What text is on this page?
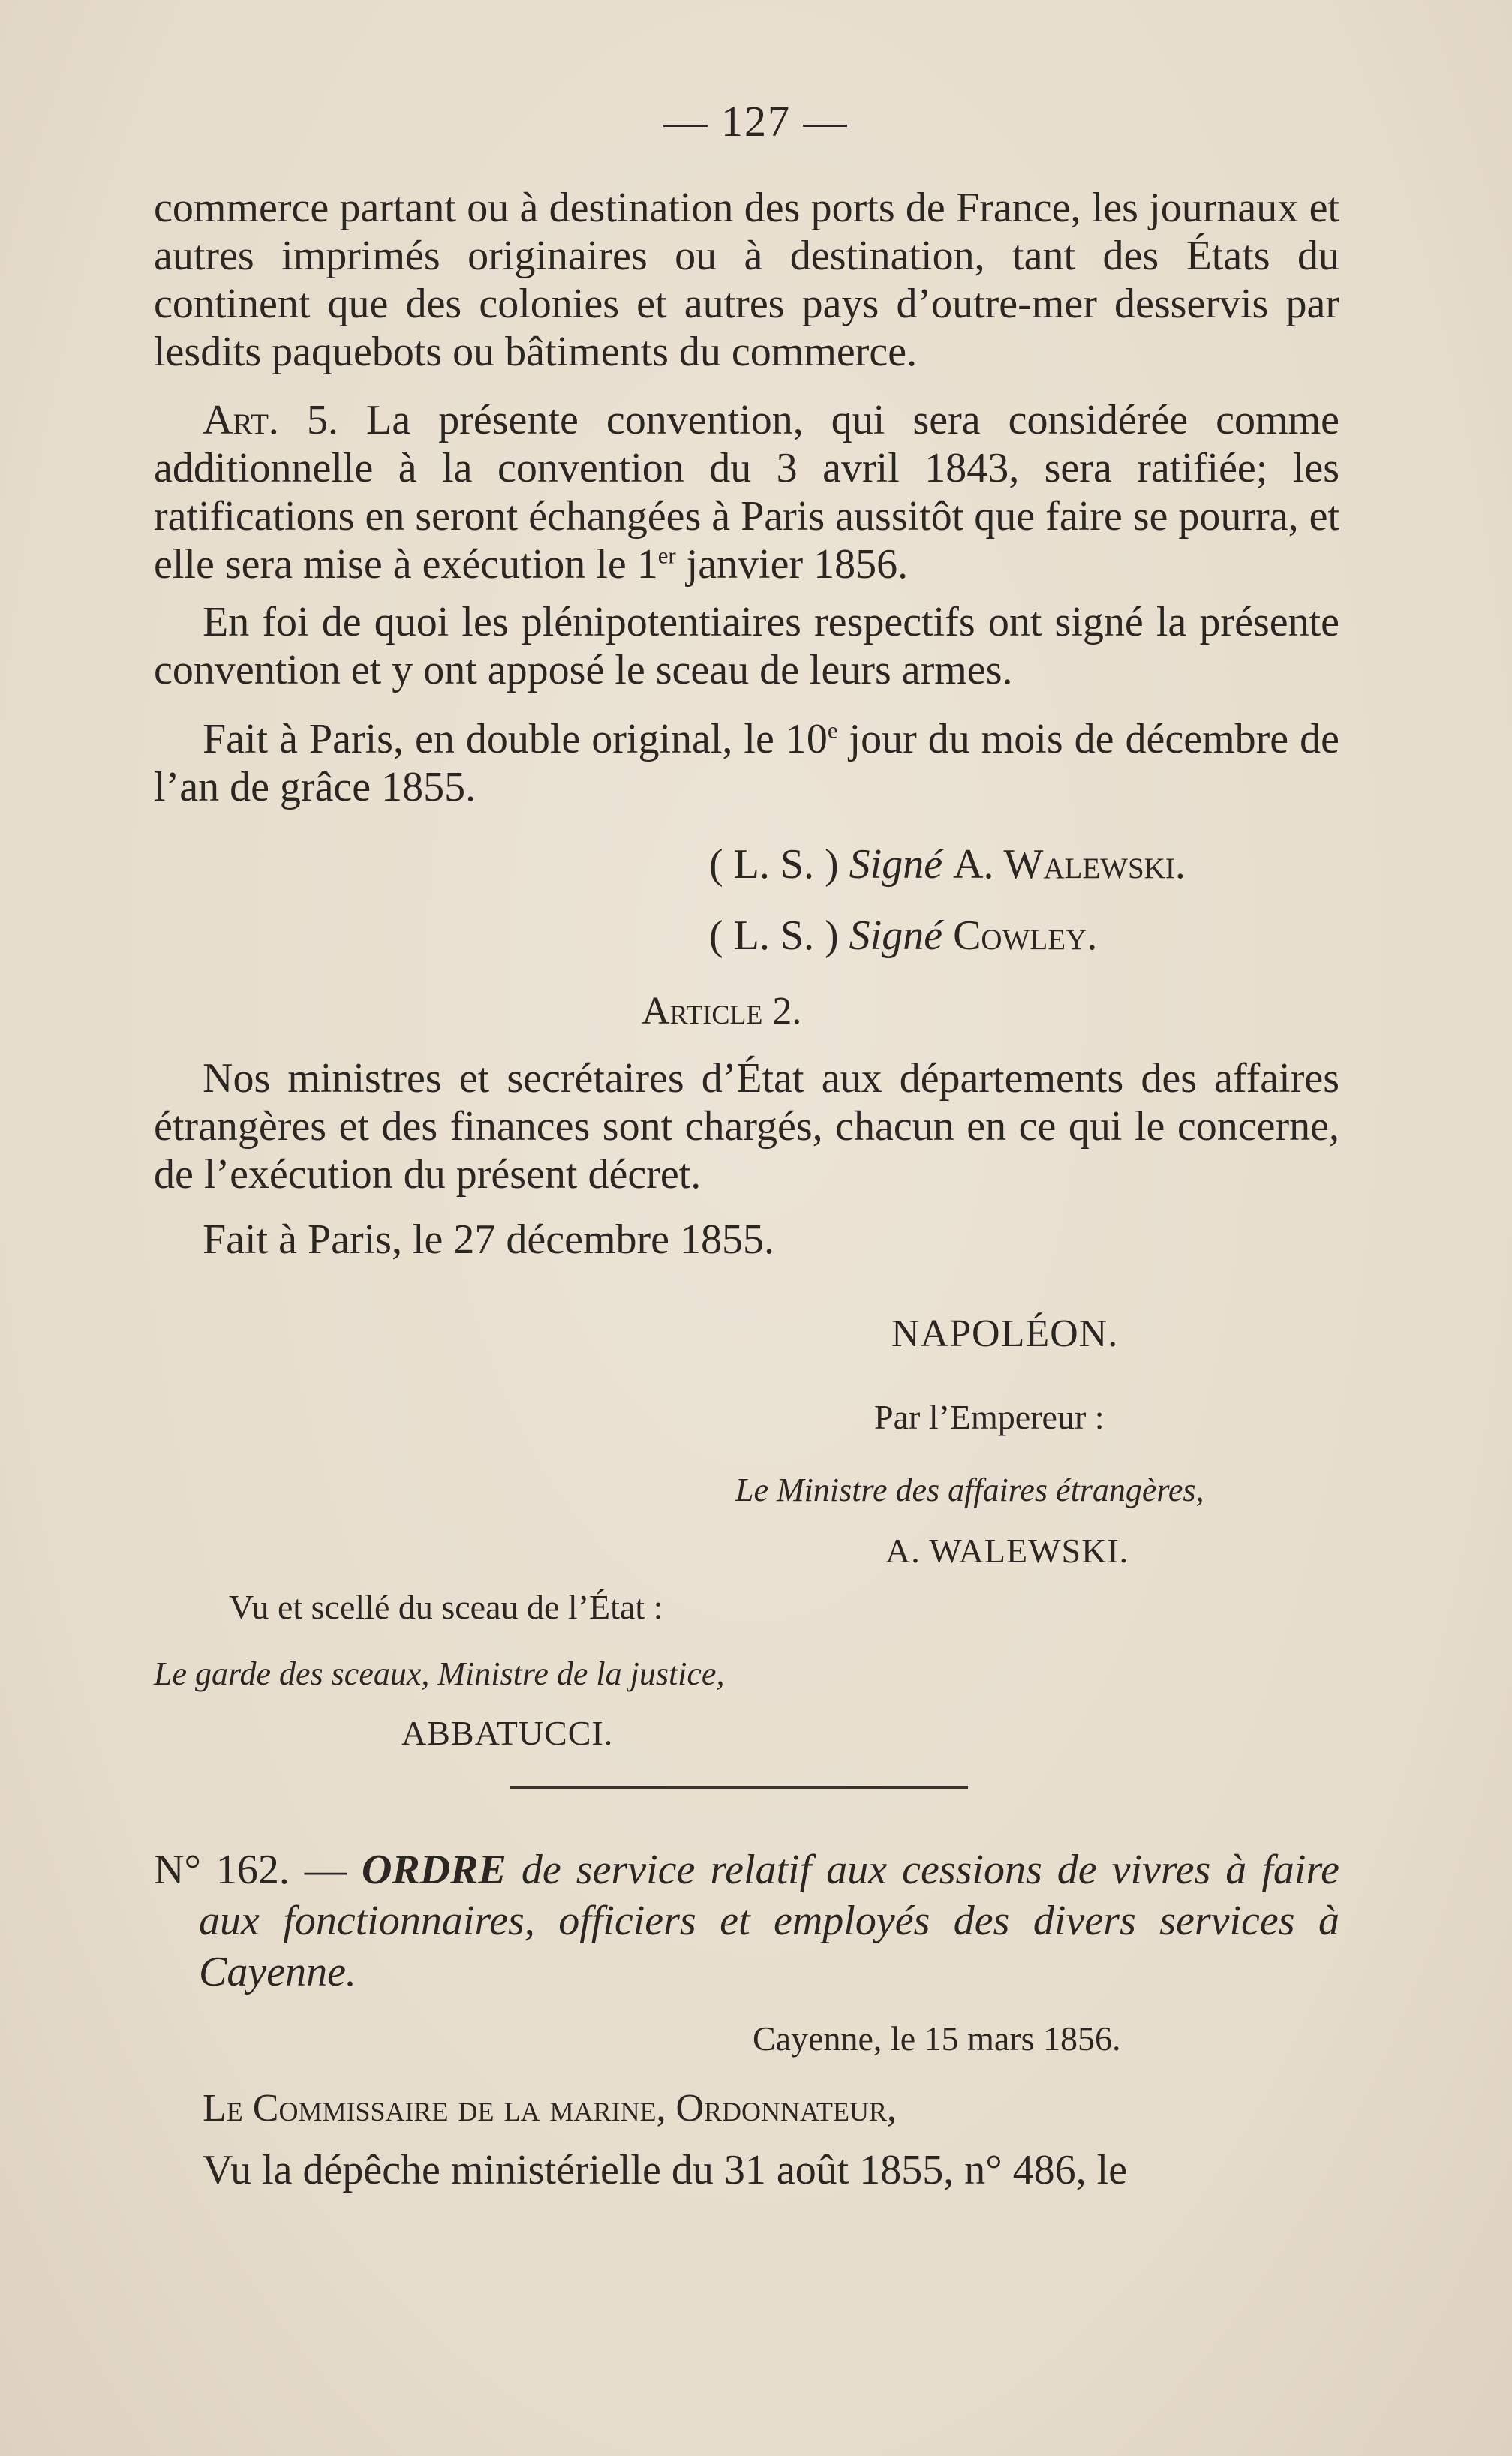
— 127 —

commerce partant ou à destination des ports de France, les journaux et autres imprimés originaires ou à destination, tant des États du continent que des colonies et autres pays d’outre-mer desservis par lesdits paquebots ou bâtiments du commerce.

Art. 5. La présente convention, qui sera considérée comme additionnelle à la convention du 3 avril 1843, sera ratifiée; les ratifications en seront échangées à Paris aussitôt que faire se pourra, et elle sera mise à exécution le 1er janvier 1856.

En foi de quoi les plénipotentiaires respectifs ont signé la présente convention et y ont apposé le sceau de leurs armes.

Fait à Paris, en double original, le 10e jour du mois de décembre de l’an de grâce 1855.

( L. S. ) Signé A. Walewski.
( L. S. ) Signé Cowley.
Article 2.

Nos ministres et secrétaires d’État aux départements des affaires étrangères et des finances sont chargés, chacun en ce qui le concerne, de l’exécution du présent décret.

Fait à Paris, le 27 décembre 1855.
NAPOLÉON.
Par l’Empereur :
Le Ministre des affaires étrangères,
A. WALEWSKI.
Vu et scellé du sceau de l’État :
Le garde des sceaux, Ministre de la justice,
ABBATUCCI.

N° 162. — ORDRE de service relatif aux cessions de vivres à faire aux fonctionnaires, officiers et employés des divers services à Cayenne.

Cayenne, le 15 mars 1856.
Le Commissaire de la marine, Ordonnateur,
Vu la dépêche ministérielle du 31 août 1855, n° 486, le
